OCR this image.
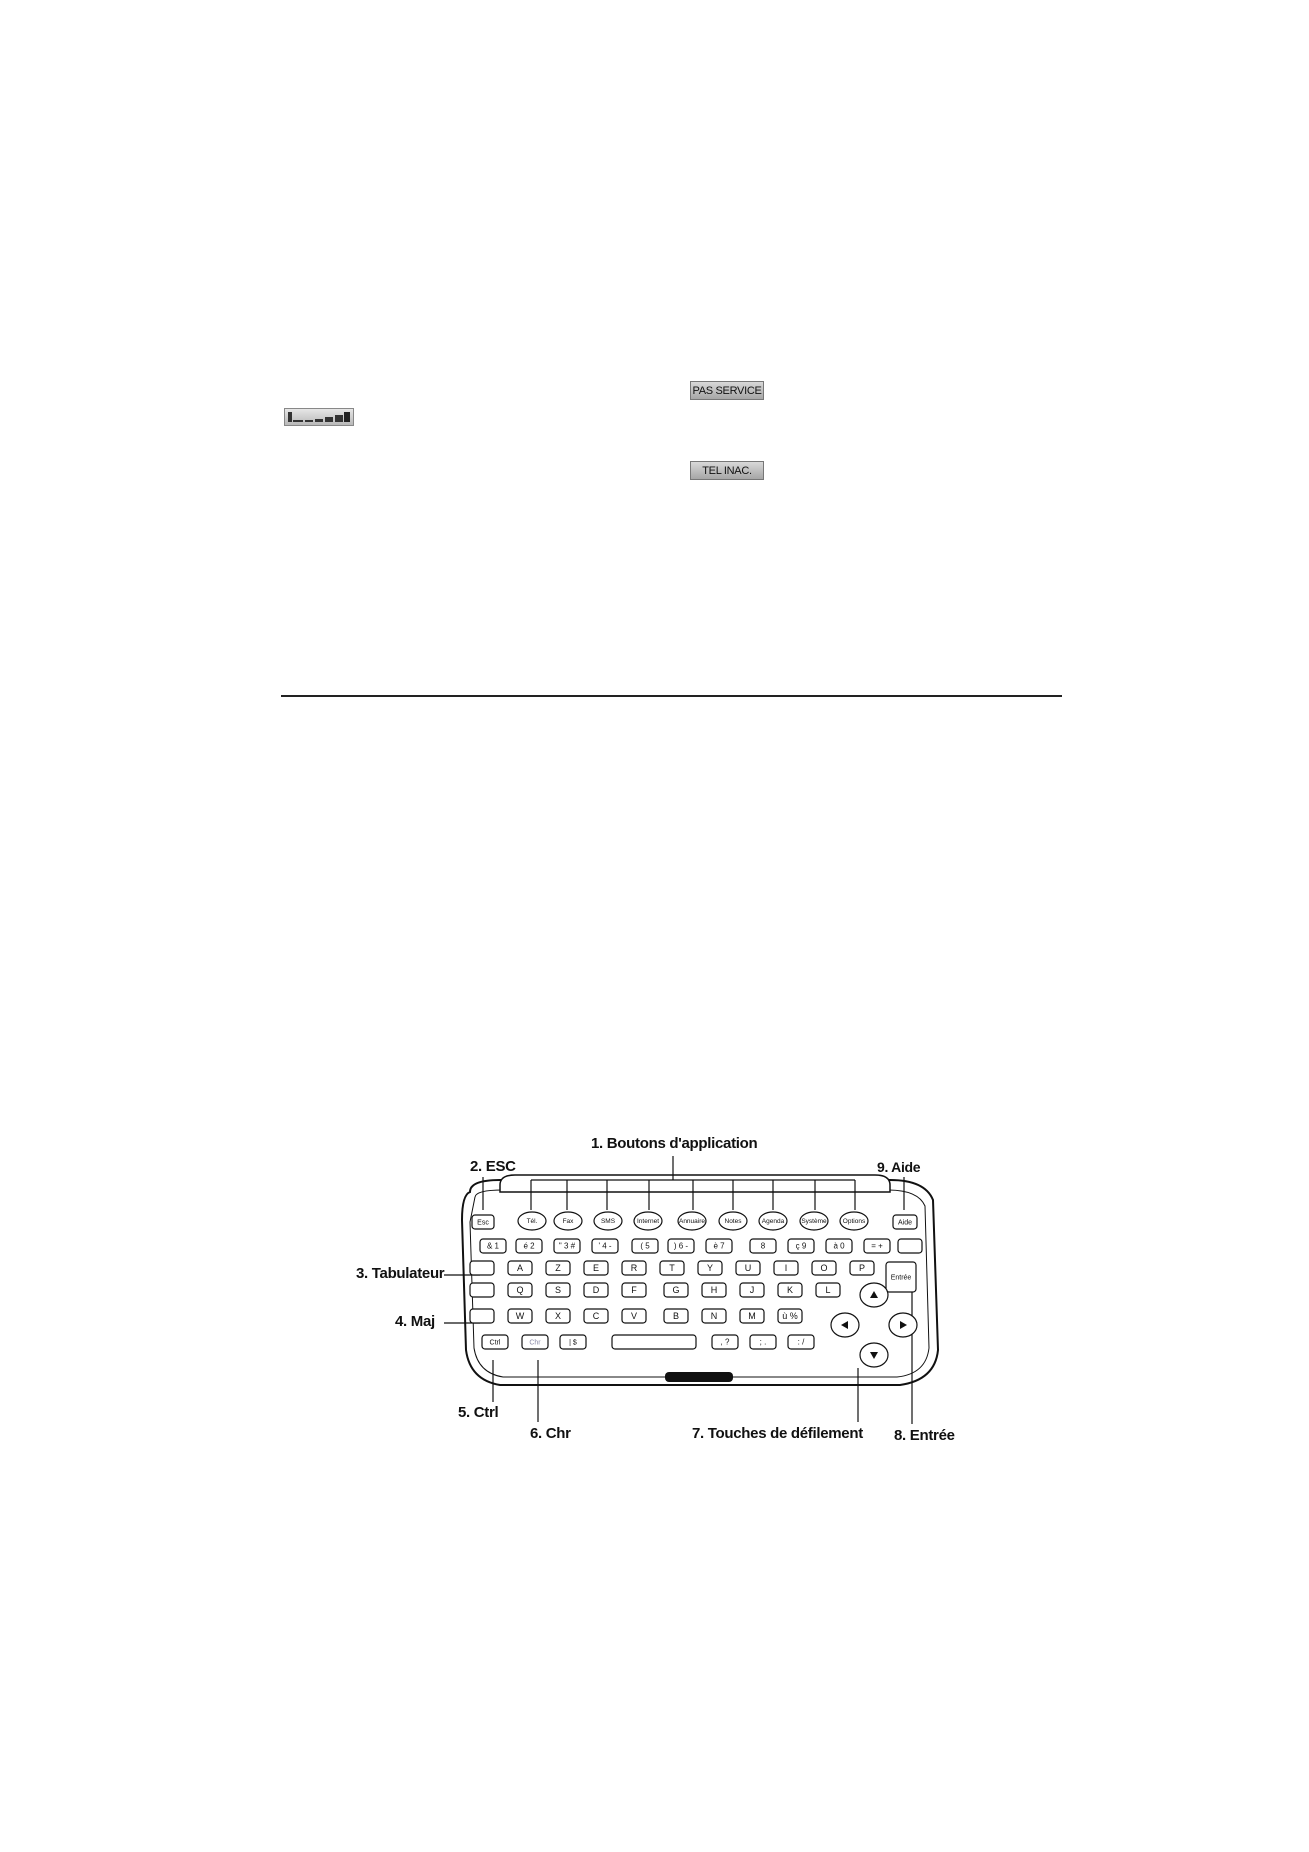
PAS SERVICE
TEL INAC.
1. Boutons d'application
2. ESC	9. Aide
3. Tabulateur
4. Maj
5. Ctrl
6. Chr	7. Touches de défilement 8. Entrée
Esc	Aide
Tél.	Fax	SMS	Internet	Annuaire	Notes	Agenda	Système Options
& 1	é 2	" 3 #	' 4 -	( 5	) 6 -	è 7	8	ç 9	à 0	= +
A	Z	E	R	T	Y	U	I	O	P
Q	S	D	F	G	H	J	K	L
W	X	C	V	B	N	M	ù %
Ctrl	Chr	| $	, ?	; .	: /
Entrée
